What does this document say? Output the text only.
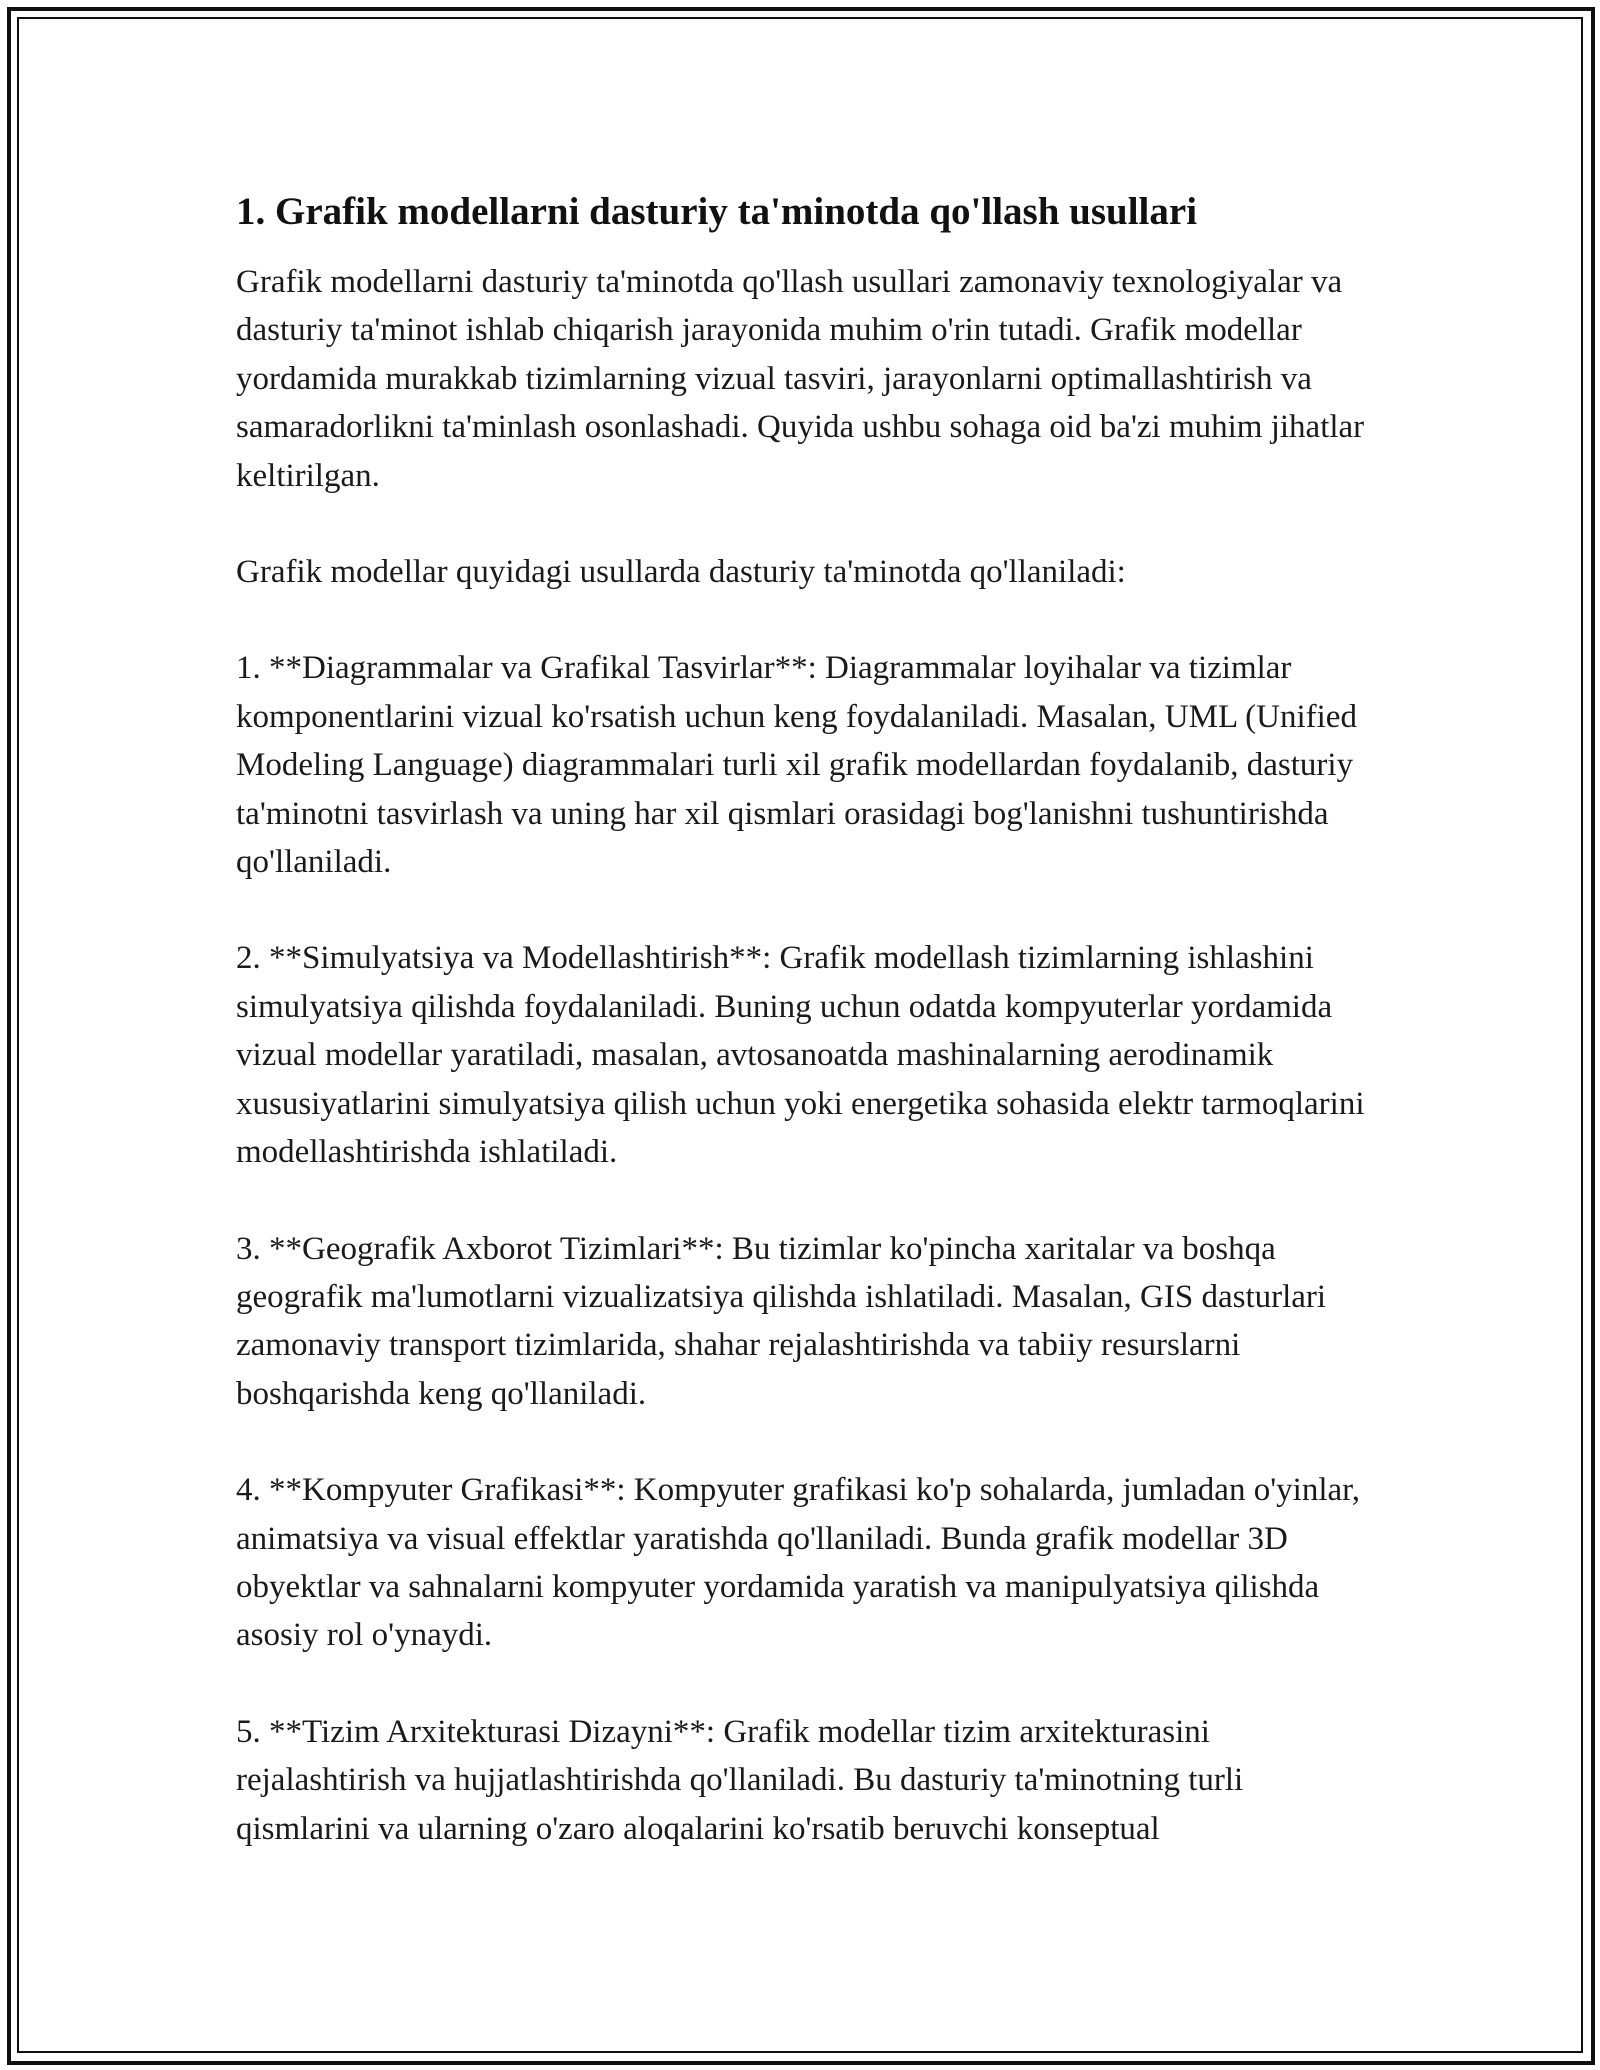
1. Grafik modellarni dasturiy ta'minotda qo'llash usullari

Grafik modellarni dasturiy ta'minotda qo'llash usullari zamonaviy texnologiyalar va dasturiy ta'minot ishlab chiqarish jarayonida muhim o'rin tutadi. Grafik modellar yordamida murakkab tizimlarning vizual tasviri, jarayonlarni optimallashtirish va samaradorlikni ta'minlash osonlashadi. Quyida ushbu sohaga oid ba'zi muhim jihatlar keltirilgan.

Grafik modellar quyidagi usullarda dasturiy ta'minotda qo'llaniladi:

1. **Diagrammalar va Grafikal Tasvirlar**: Diagrammalar loyihalar va tizimlar komponentlarini vizual ko'rsatish uchun keng foydalaniladi. Masalan, UML (Unified Modeling Language) diagrammalari turli xil grafik modellardan foydalanib, dasturiy ta'minotni tasvirlash va uning har xil qismlari orasidagi bog'lanishni tushuntirishda qo'llaniladi.

2. **Simulyatsiya va Modellashtirish**: Grafik modellash tizimlarning ishlashini simulyatsiya qilishda foydalaniladi. Buning uchun odatda kompyuterlar yordamida vizual modellar yaratiladi, masalan, avtosanoatda mashinalarning aerodinamik xususiyatlarini simulyatsiya qilish uchun yoki energetika sohasida elektr tarmoqlarini modellashtirishda ishlatiladi.

3. **Geografik Axborot Tizimlari**: Bu tizimlar ko'pincha xaritalar va boshqa geografik ma'lumotlarni vizualizatsiya qilishda ishlatiladi. Masalan, GIS dasturlari zamonaviy transport tizimlarida, shahar rejalashtirishda va tabiiy resurslarni boshqarishda keng qo'llaniladi.

4. **Kompyuter Grafikasi**: Kompyuter grafikasi ko'p sohalarda, jumladan o'yinlar, animatsiya va visual effektlar yaratishda qo'llaniladi. Bunda grafik modellar 3D obyektlar va sahnalarni kompyuter yordamida yaratish va manipulyatsiya qilishda asosiy rol o'ynaydi.

5. **Tizim Arxitekturasi Dizayni**: Grafik modellar tizim arxitekturasini rejalashtirish va hujjatlashtirishda qo'llaniladi. Bu dasturiy ta'minotning turli qismlarini va ularning o'zaro aloqalarini ko'rsatib beruvchi konseptual
